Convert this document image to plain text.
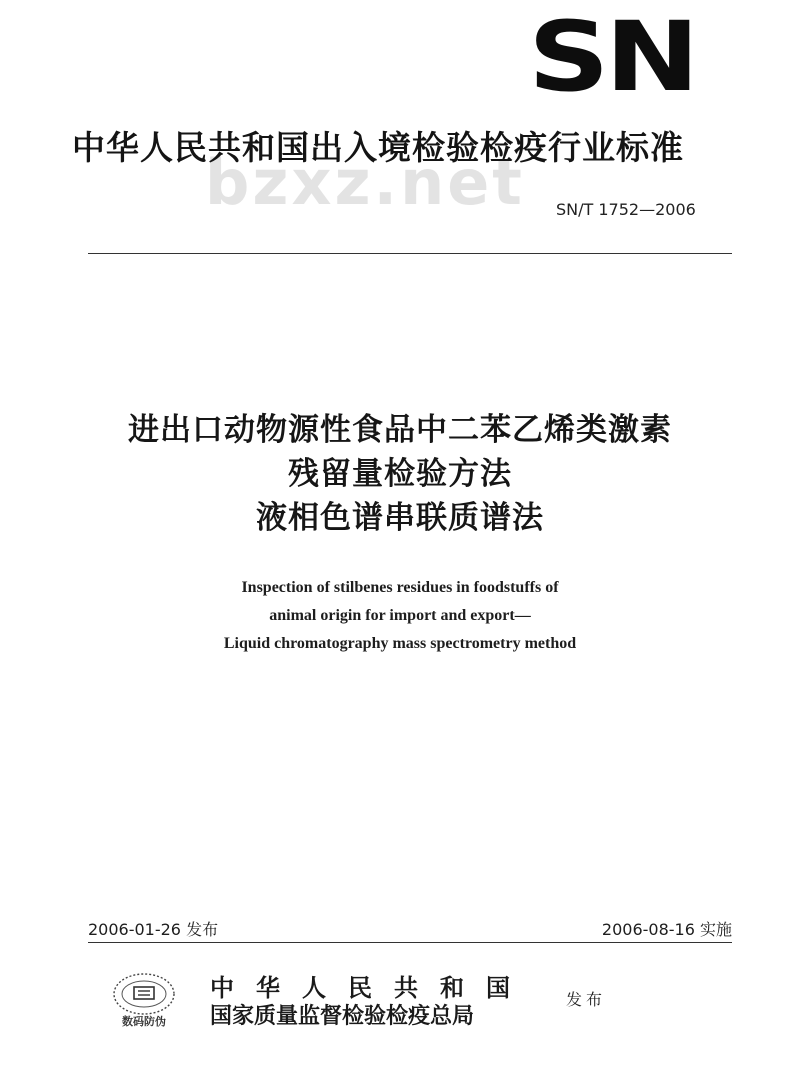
SN
bzxz.net
中华人民共和国出入境检验检疫行业标准
SN/T 1752—2006
进出口动物源性食品中二苯乙烯类激素
残留量检验方法
液相色谱串联质谱法
Inspection of stilbenes residues in foodstuffs of
animal origin for import and export—
Liquid chromatography mass spectrometry method
2006-01-26 发布	2006-08-16 实施
数码防伪
中华人民共和国
国家质量监督检验检疫总局
发布
